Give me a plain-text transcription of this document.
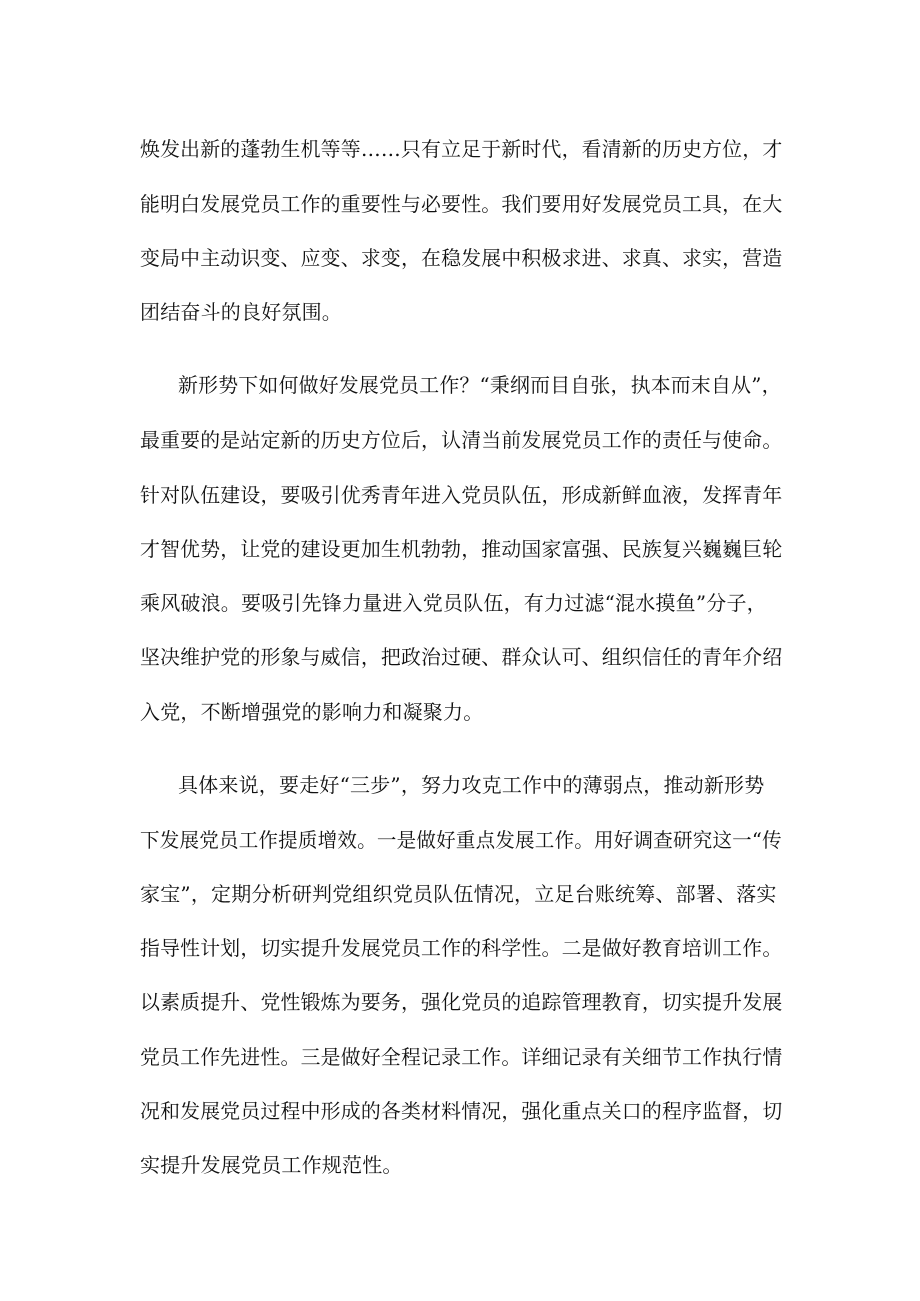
焕发出新的蓬勃生机等等……只有立足于新时代，看清新的历史方位，才
能明白发展党员工作的重要性与必要性。我们要用好发展党员工具，在大
变局中主动识变、应变、求变，在稳发展中积极求进、求真、求实，营造
团结奋斗的良好氛围。
新形势下如何做好发展党员工作？“秉纲而目自张，执本而末自从”，
最重要的是站定新的历史方位后，认清当前发展党员工作的责任与使命。
针对队伍建设，要吸引优秀青年进入党员队伍，形成新鲜血液，发挥青年
才智优势，让党的建设更加生机勃勃，推动国家富强、民族复兴巍巍巨轮
乘风破浪。要吸引先锋力量进入党员队伍，有力过滤“混水摸鱼”分子，
坚决维护党的形象与威信，把政治过硬、群众认可、组织信任的青年介绍
入党，不断增强党的影响力和凝聚力。
具体来说，要走好“三步”，努力攻克工作中的薄弱点，推动新形势
下发展党员工作提质增效。一是做好重点发展工作。用好调查研究这一“传
家宝”，定期分析研判党组织党员队伍情况，立足台账统筹、部署、落实
指导性计划，切实提升发展党员工作的科学性。二是做好教育培训工作。
以素质提升、党性锻炼为要务，强化党员的追踪管理教育，切实提升发展
党员工作先进性。三是做好全程记录工作。详细记录有关细节工作执行情
况和发展党员过程中形成的各类材料情况，强化重点关口的程序监督，切
实提升发展党员工作规范性。
